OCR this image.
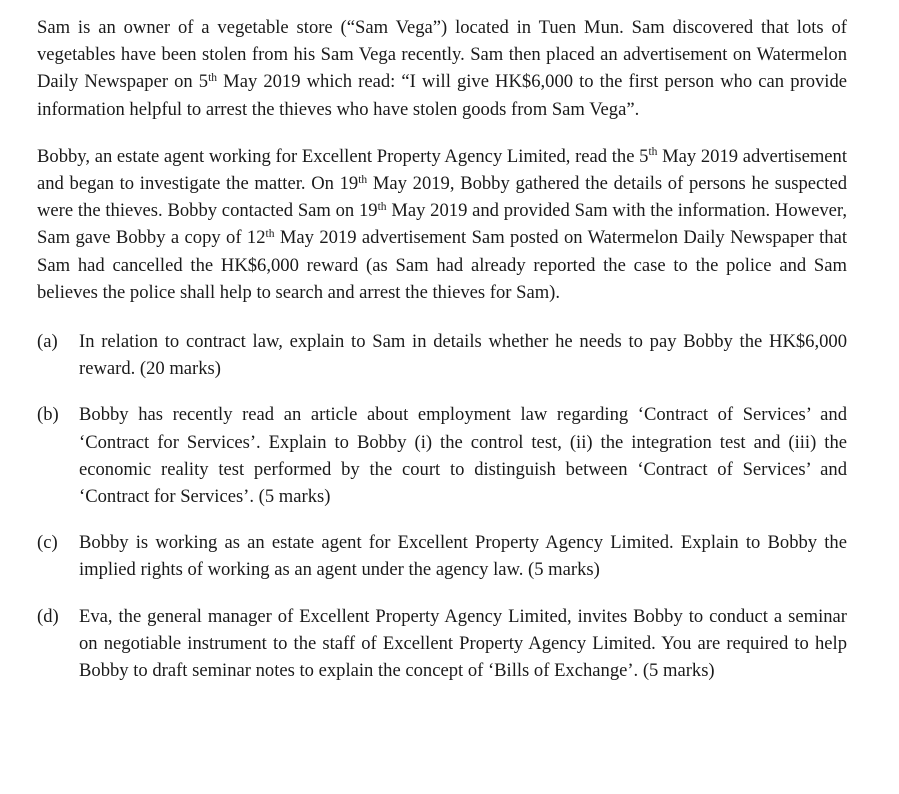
Sam is an owner of a vegetable store (“Sam Vega”) located in Tuen Mun. Sam discovered that lots of vegetables have been stolen from his Sam Vega recently. Sam then placed an advertisement on Watermelon Daily Newspaper on 5th May 2019 which read: “I will give HK$6,000 to the first person who can provide information helpful to arrest the thieves who have stolen goods from Sam Vega”.

Bobby, an estate agent working for Excellent Property Agency Limited, read the 5th May 2019 advertisement and began to investigate the matter. On 19th May 2019, Bobby gathered the details of persons he suspected were the thieves. Bobby contacted Sam on 19th May 2019 and provided Sam with the information. However, Sam gave Bobby a copy of 12th May 2019 advertisement Sam posted on Watermelon Daily Newspaper that Sam had cancelled the HK$6,000 reward (as Sam had already reported the case to the police and Sam believes the police shall help to search and arrest the thieves for Sam).

(a)	In relation to contract law, explain to Sam in details whether he needs to pay Bobby the HK$6,000 reward. (20 marks)
(b)	Bobby has recently read an article about employment law regarding ‘Contract of Services’ and ‘Contract for Services’. Explain to Bobby (i) the control test, (ii) the integration test and (iii) the economic reality test performed by the court to distinguish between ‘Contract of Services’ and ‘Contract for Services’. (5 marks)
(c)	Bobby is working as an estate agent for Excellent Property Agency Limited. Explain to Bobby the implied rights of working as an agent under the agency law. (5 marks)
(d)	Eva, the general manager of Excellent Property Agency Limited, invites Bobby to conduct a seminar on negotiable instrument to the staff of Excellent Property Agency Limited. You are required to help Bobby to draft seminar notes to explain the concept of ‘Bills of Exchange’. (5 marks)
